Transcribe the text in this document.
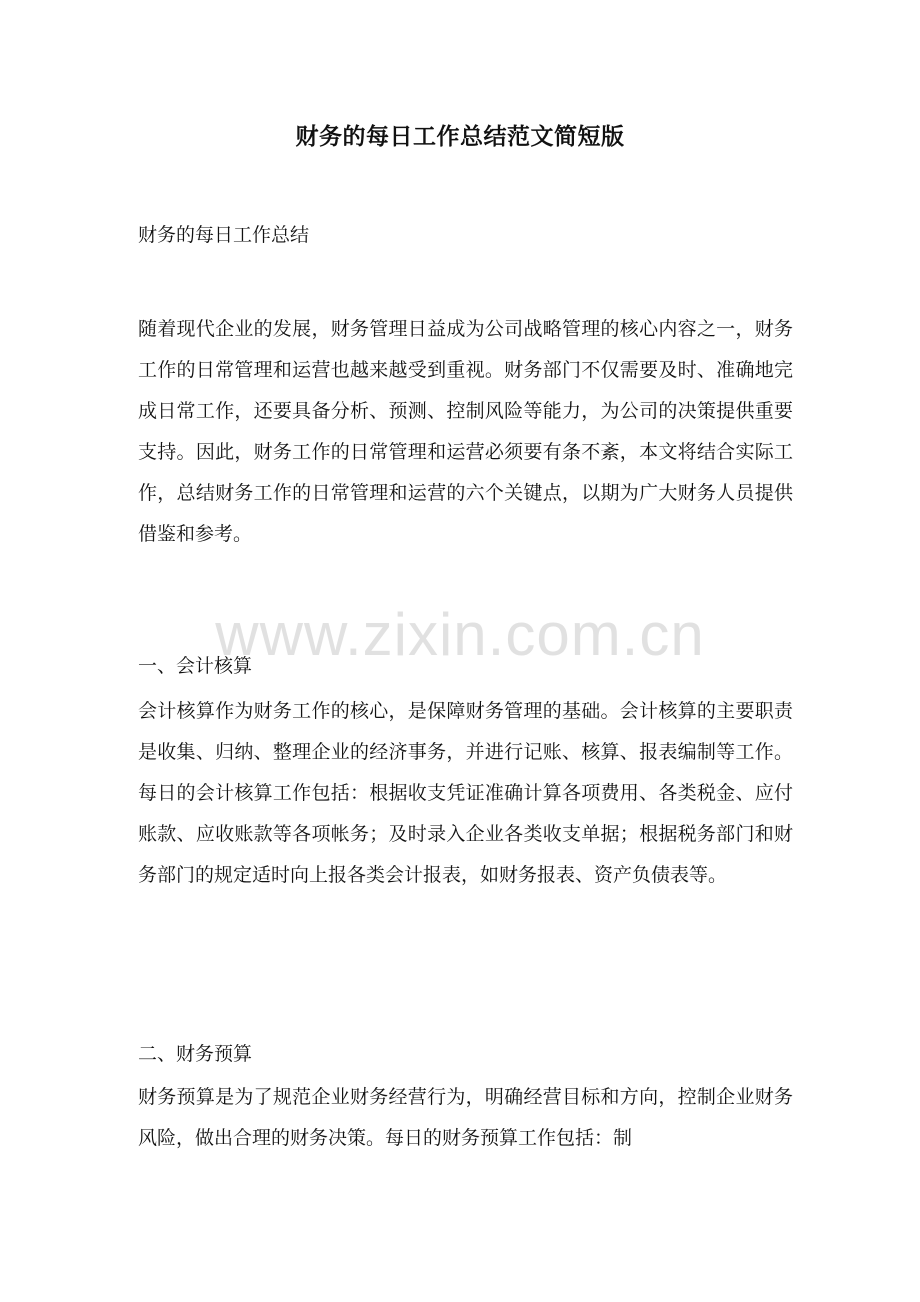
财务的每日工作总结范文简短版
财务的每日工作总结

随着现代企业的发展，财务管理日益成为公司战略管理的核心内容之一，财务工作的日常管理和运营也越来越受到重视。财务部门不仅需要及时、准确地完成日常工作，还要具备分析、预测、控制风险等能力，为公司的决策提供重要支持。因此，财务工作的日常管理和运营必须要有条不紊，本文将结合实际工作，总结财务工作的日常管理和运营的六个关键点，以期为广大财务人员提供借鉴和参考。

一、会计核算

会计核算作为财务工作的核心，是保障财务管理的基础。会计核算的主要职责是收集、归纳、整理企业的经济事务，并进行记账、核算、报表编制等工作。每日的会计核算工作包括：根据收支凭证准确计算各项费用、各类税金、应付账款、应收账款等各项帐务；及时录入企业各类收支单据；根据税务部门和财务部门的规定适时向上报各类会计报表，如财务报表、资产负债表等。

二、财务预算

财务预算是为了规范企业财务经营行为，明确经营目标和方向，控制企业财务风险，做出合理的财务决策。每日的财务预算工作包括：制

www.zixin.com.cn
